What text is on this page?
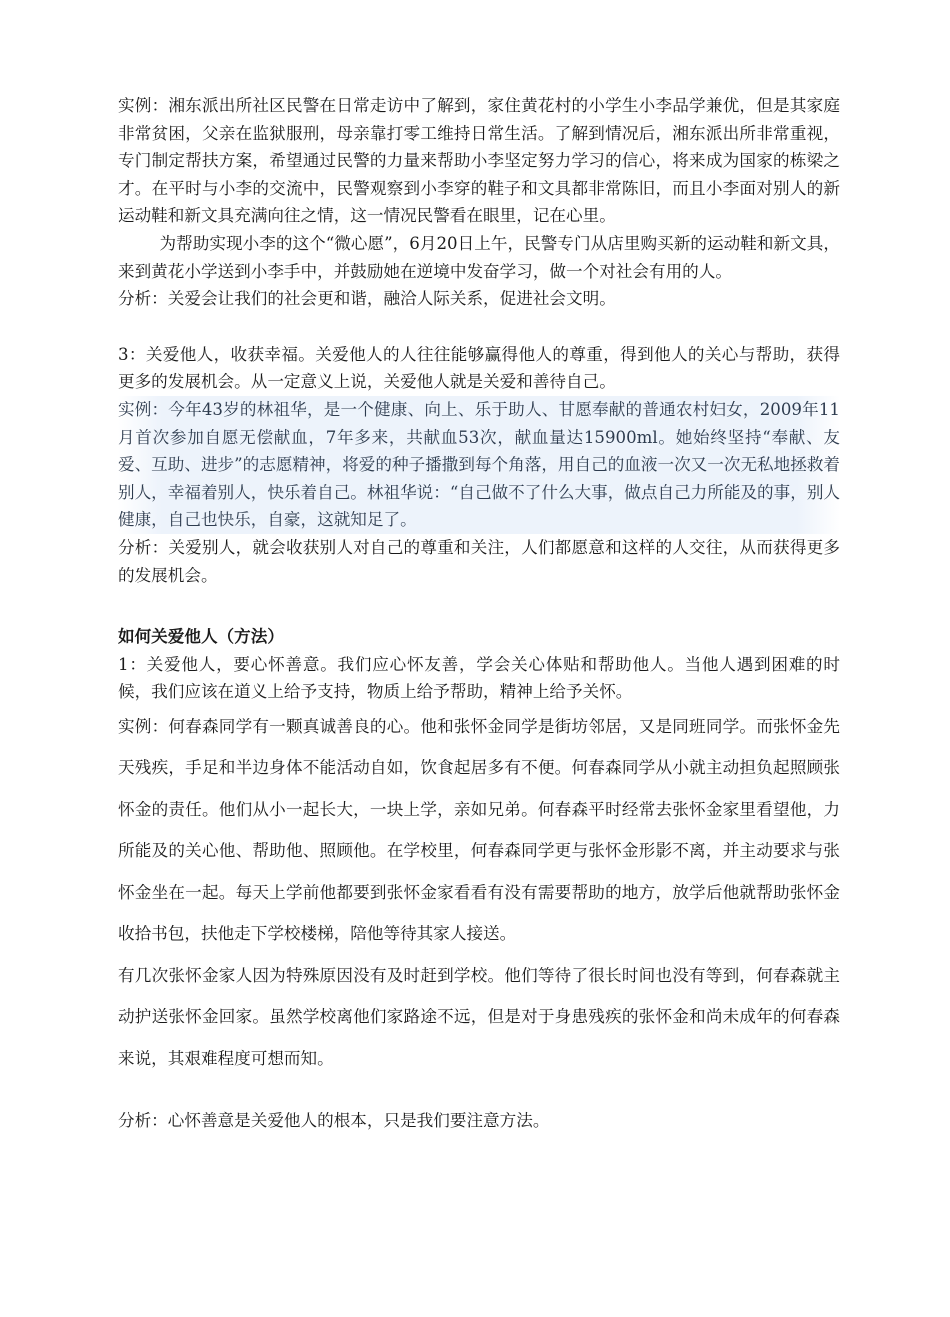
实例：湘东派出所社区民警在日常走访中了解到，家住黄花村的小学生小李品学兼优，但是其家庭非常贫困，父亲在监狱服刑，母亲靠打零工维持日常生活。了解到情况后，湘东派出所非常重视，专门制定帮扶方案，希望通过民警的力量来帮助小李坚定努力学习的信心，将来成为国家的栋梁之才。在平时与小李的交流中，民警观察到小李穿的鞋子和文具都非常陈旧，而且小李面对别人的新运动鞋和新文具充满向往之情，这一情况民警看在眼里，记在心里。

为帮助实现小李的这个“微心愿”，6月20日上午，民警专门从店里购买新的运动鞋和新文具，来到黄花小学送到小李手中，并鼓励她在逆境中发奋学习，做一个对社会有用的人。

分析：关爱会让我们的社会更和谐，融洽人际关系，促进社会文明。

3：关爱他人，收获幸福。关爱他人的人往往能够赢得他人的尊重，得到他人的关心与帮助，获得更多的发展机会。从一定意义上说，关爱他人就是关爱和善待自己。

实例：今年43岁的林祖华，是一个健康、向上、乐于助人、甘愿奉献的普通农村妇女，2009年11月首次参加自愿无偿献血，7年多来，共献血53次，献血量达15900ml。她始终坚持“奉献、友爱、互助、进步”的志愿精神，将爱的种子播撒到每个角落，用自己的血液一次又一次无私地拯救着别人，幸福着别人，快乐着自己。林祖华说：“自己做不了什么大事，做点自己力所能及的事，别人健康，自己也快乐，自豪，这就知足了。

分析：关爱别人，就会收获别人对自己的尊重和关注，人们都愿意和这样的人交往，从而获得更多的发展机会。

如何关爱他人（方法）

1：关爱他人，要心怀善意。我们应心怀友善，学会关心体贴和帮助他人。当他人遇到困难的时候，我们应该在道义上给予支持，物质上给予帮助，精神上给予关怀。

实例：何春森同学有一颗真诚善良的心。他和张怀金同学是街坊邻居，又是同班同学。而张怀金先天残疾，手足和半边身体不能活动自如，饮食起居多有不便。何春森同学从小就主动担负起照顾张怀金的责任。他们从小一起长大，一块上学，亲如兄弟。何春森平时经常去张怀金家里看望他，力所能及的关心他、帮助他、照顾他。在学校里，何春森同学更与张怀金形影不离，并主动要求与张怀金坐在一起。每天上学前他都要到张怀金家看看有没有需要帮助的地方，放学后他就帮助张怀金收拾书包，扶他走下学校楼梯，陪他等待其家人接送。

有几次张怀金家人因为特殊原因没有及时赶到学校。他们等待了很长时间也没有等到，何春森就主动护送张怀金回家。虽然学校离他们家路途不远，但是对于身患残疾的张怀金和尚未成年的何春森来说，其艰难程度可想而知。

分析：心怀善意是关爱他人的根本，只是我们要注意方法。
